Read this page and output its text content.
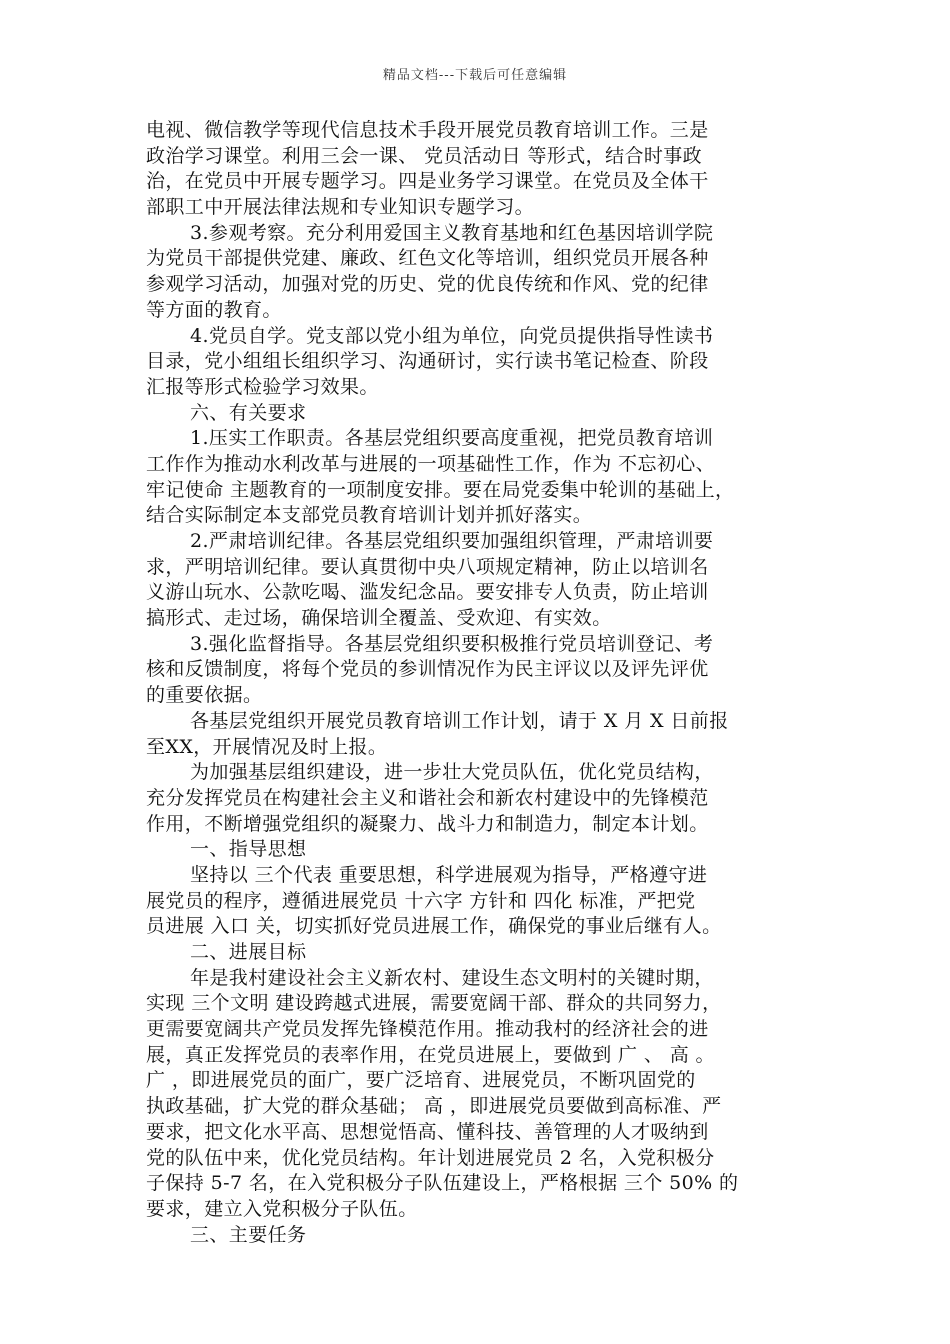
精品文档---下载后可任意编辑
电视、微信教学等现代信息技术手段开展党员教育培训工作。三是
政治学习课堂。利用三会一课、 党员活动日 等形式，结合时事政
治，在党员中开展专题学习。四是业务学习课堂。在党员及全体干
部职工中开展法律法规和专业知识专题学习。
3.参观考察。充分利用爱国主义教育基地和红色基因培训学院
为党员干部提供党建、廉政、红色文化等培训，组织党员开展各种
参观学习活动，加强对党的历史、党的优良传统和作风、党的纪律
等方面的教育。
4.党员自学。党支部以党小组为单位，向党员提供指导性读书
目录，党小组组长组织学习、沟通研讨，实行读书笔记检查、阶段
汇报等形式检验学习效果。
六、有关要求
1.压实工作职责。各基层党组织要高度重视，把党员教育培训
工作作为推动水利改革与进展的一项基础性工作，作为 不忘初心、
牢记使命 主题教育的一项制度安排。要在局党委集中轮训的基础上，
结合实际制定本支部党员教育培训计划并抓好落实。
2.严肃培训纪律。各基层党组织要加强组织管理，严肃培训要
求，严明培训纪律。要认真贯彻中央八项规定精神，防止以培训名
义游山玩水、公款吃喝、滥发纪念品。要安排专人负责，防止培训
搞形式、走过场，确保培训全覆盖、受欢迎、有实效。
3.强化监督指导。各基层党组织要积极推行党员培训登记、考
核和反馈制度，将每个党员的参训情况作为民主评议以及评先评优
的重要依据。
各基层党组织开展党员教育培训工作计划，请于 X 月 X 日前报
至XX，开展情况及时上报。
为加强基层组织建设，进一步壮大党员队伍，优化党员结构，
充分发挥党员在构建社会主义和谐社会和新农村建设中的先锋模范
作用，不断增强党组织的凝聚力、战斗力和制造力，制定本计划。
一、指导思想
坚持以 三个代表 重要思想，科学进展观为指导，严格遵守进
展党员的程序，遵循进展党员 十六字 方针和 四化 标准，严把党
员进展 入口 关，切实抓好党员进展工作，确保党的事业后继有人。
二、进展目标
年是我村建设社会主义新农村、建设生态文明村的关键时期，
实现 三个文明 建设跨越式进展，需要宽阔干部、群众的共同努力，
更需要宽阔共产党员发挥先锋模范作用。推动我村的经济社会的进
展，真正发挥党员的表率作用，在党员进展上，要做到 广 、 高 。
广 ，即进展党员的面广，要广泛培育、进展党员，不断巩固党的
执政基础，扩大党的群众基础； 高 ，即进展党员要做到高标准、严
要求，把文化水平高、思想觉悟高、懂科技、善管理的人才吸纳到
党的队伍中来，优化党员结构。年计划进展党员 2 名，入党积极分
子保持 5-7 名，在入党积极分子队伍建设上，严格根据 三个 50% 的
要求，建立入党积极分子队伍。
三、主要任务
